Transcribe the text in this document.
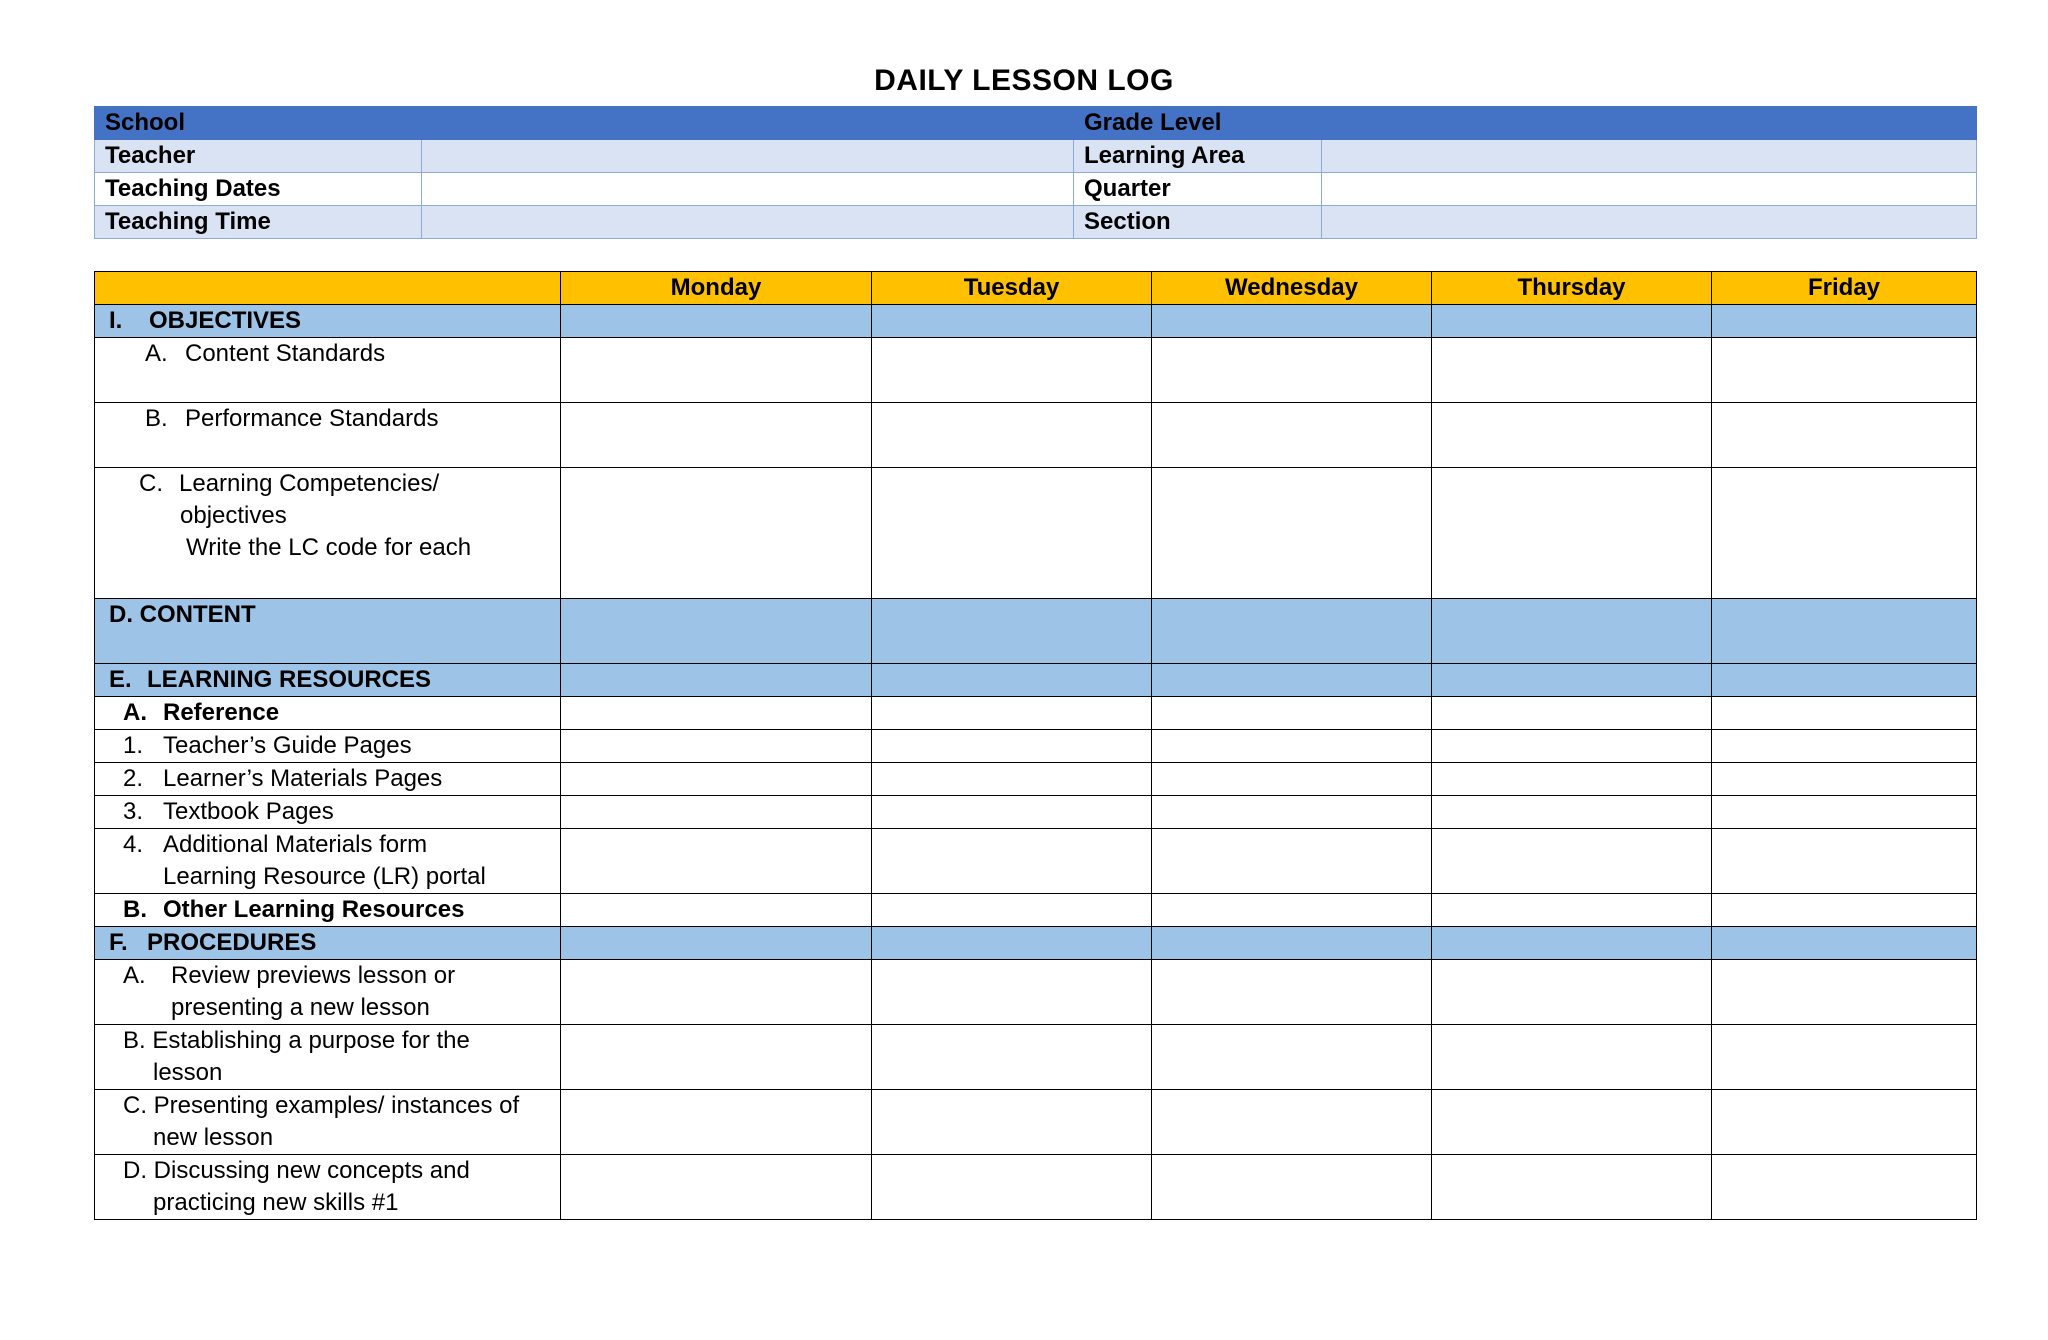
DAILY LESSON LOG
School		Grade Level	
Teacher		Learning Area	
Teaching Dates		Quarter	
Teaching Time		Section	
	Monday	Tuesday	Wednesday	Thursday	Friday
I. OBJECTIVES					
A. Content Standards					
B. Performance Standards					
C. Learning Competencies/
objectives
Write the LC code for each					

D. CONTENT					
E. LEARNING RESOURCES					
A. Reference					
1. Teacher’s Guide Pages					
2. Learner’s Materials Pages					
3. Textbook Pages					
4. Additional Materials form
Learning Resource (LR) portal					

B. Other Learning Resources					
F. PROCEDURES					
A. Review previews lesson or
presenting a new lesson					

B. Establishing a purpose for the
lesson					

C. Presenting examples/ instances of
new lesson					

D. Discussing new concepts and
practicing new skills #1					
